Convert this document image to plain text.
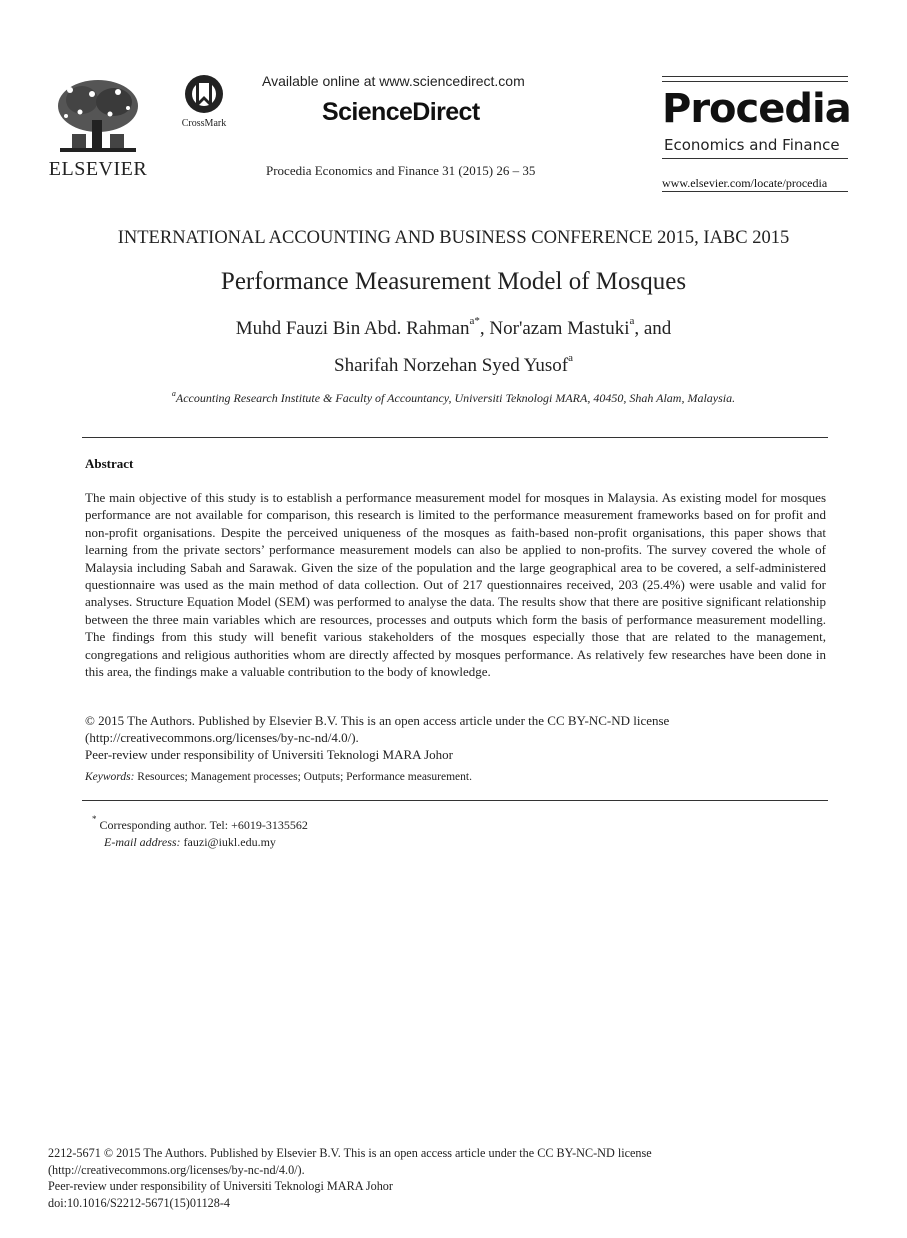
ELSEVIER
CrossMark
Available online at www.sciencedirect.com
ScienceDirect
Procedia Economics and Finance 31 (2015) 26 – 35
Procedia
Economics and Finance
www.elsevier.com/locate/procedia
INTERNATIONAL ACCOUNTING AND BUSINESS CONFERENCE 2015, IABC 2015
Performance Measurement Model of Mosques
Muhd Fauzi Bin Abd. Rahman$^{a*}$, Nor'azam Mastuki$^a$, and
Sharifah Norzehan Syed Yusof$^a$
$^a$Accounting Research Institute & Faculty of Accountancy, Universiti Teknologi MARA, 40450, Shah Alam, Malaysia.
Abstract
The main objective of this study is to establish a performance measurement model for mosques in Malaysia. As existing model for mosques performance are not available for comparison, this research is limited to the performance measurement frameworks based on for profit and non-profit organisations. Despite the perceived uniqueness of the mosques as faith-based non-profit organisations, this paper shows that learning from the private sectors’ performance measurement models can also be applied to non-profits. The survey covered the whole of Malaysia including Sabah and Sarawak. Given the size of the population and the large geographical area to be covered, a self-administered questionnaire was used as the main method of data collection. Out of 217 questionnaires received, 203 (25.4%) were usable and valid for analyses. Structure Equation Model (SEM) was performed to analyse the data. The results show that there are positive significant relationship between the three main variables which are resources, processes and outputs which form the basis of performance measurement modelling. The findings from this study will benefit various stakeholders of the mosques especially those that are related to the management, congregations and religious authorities whom are directly affected by mosques performance. As relatively few researches have been done in this area, the findings make a valuable contribution to the body of knowledge.
© 2015 The Authors. Published by Elsevier B.V. This is an open access article under the CC BY-NC-ND license
(http://creativecommons.org/licenses/by-nc-nd/4.0/).
Peer-review under responsibility of Universiti Teknologi MARA Johor
Keywords: Resources; Management processes; Outputs; Performance measurement.
* Corresponding author. Tel: +6019-3135562
E-mail address: fauzi@iukl.edu.my
2212-5671 © 2015 The Authors. Published by Elsevier B.V. This is an open access article under the CC BY-NC-ND license
(http://creativecommons.org/licenses/by-nc-nd/4.0/).
Peer-review under responsibility of Universiti Teknologi MARA Johor
doi:10.1016/S2212-5671(15)01128-4
